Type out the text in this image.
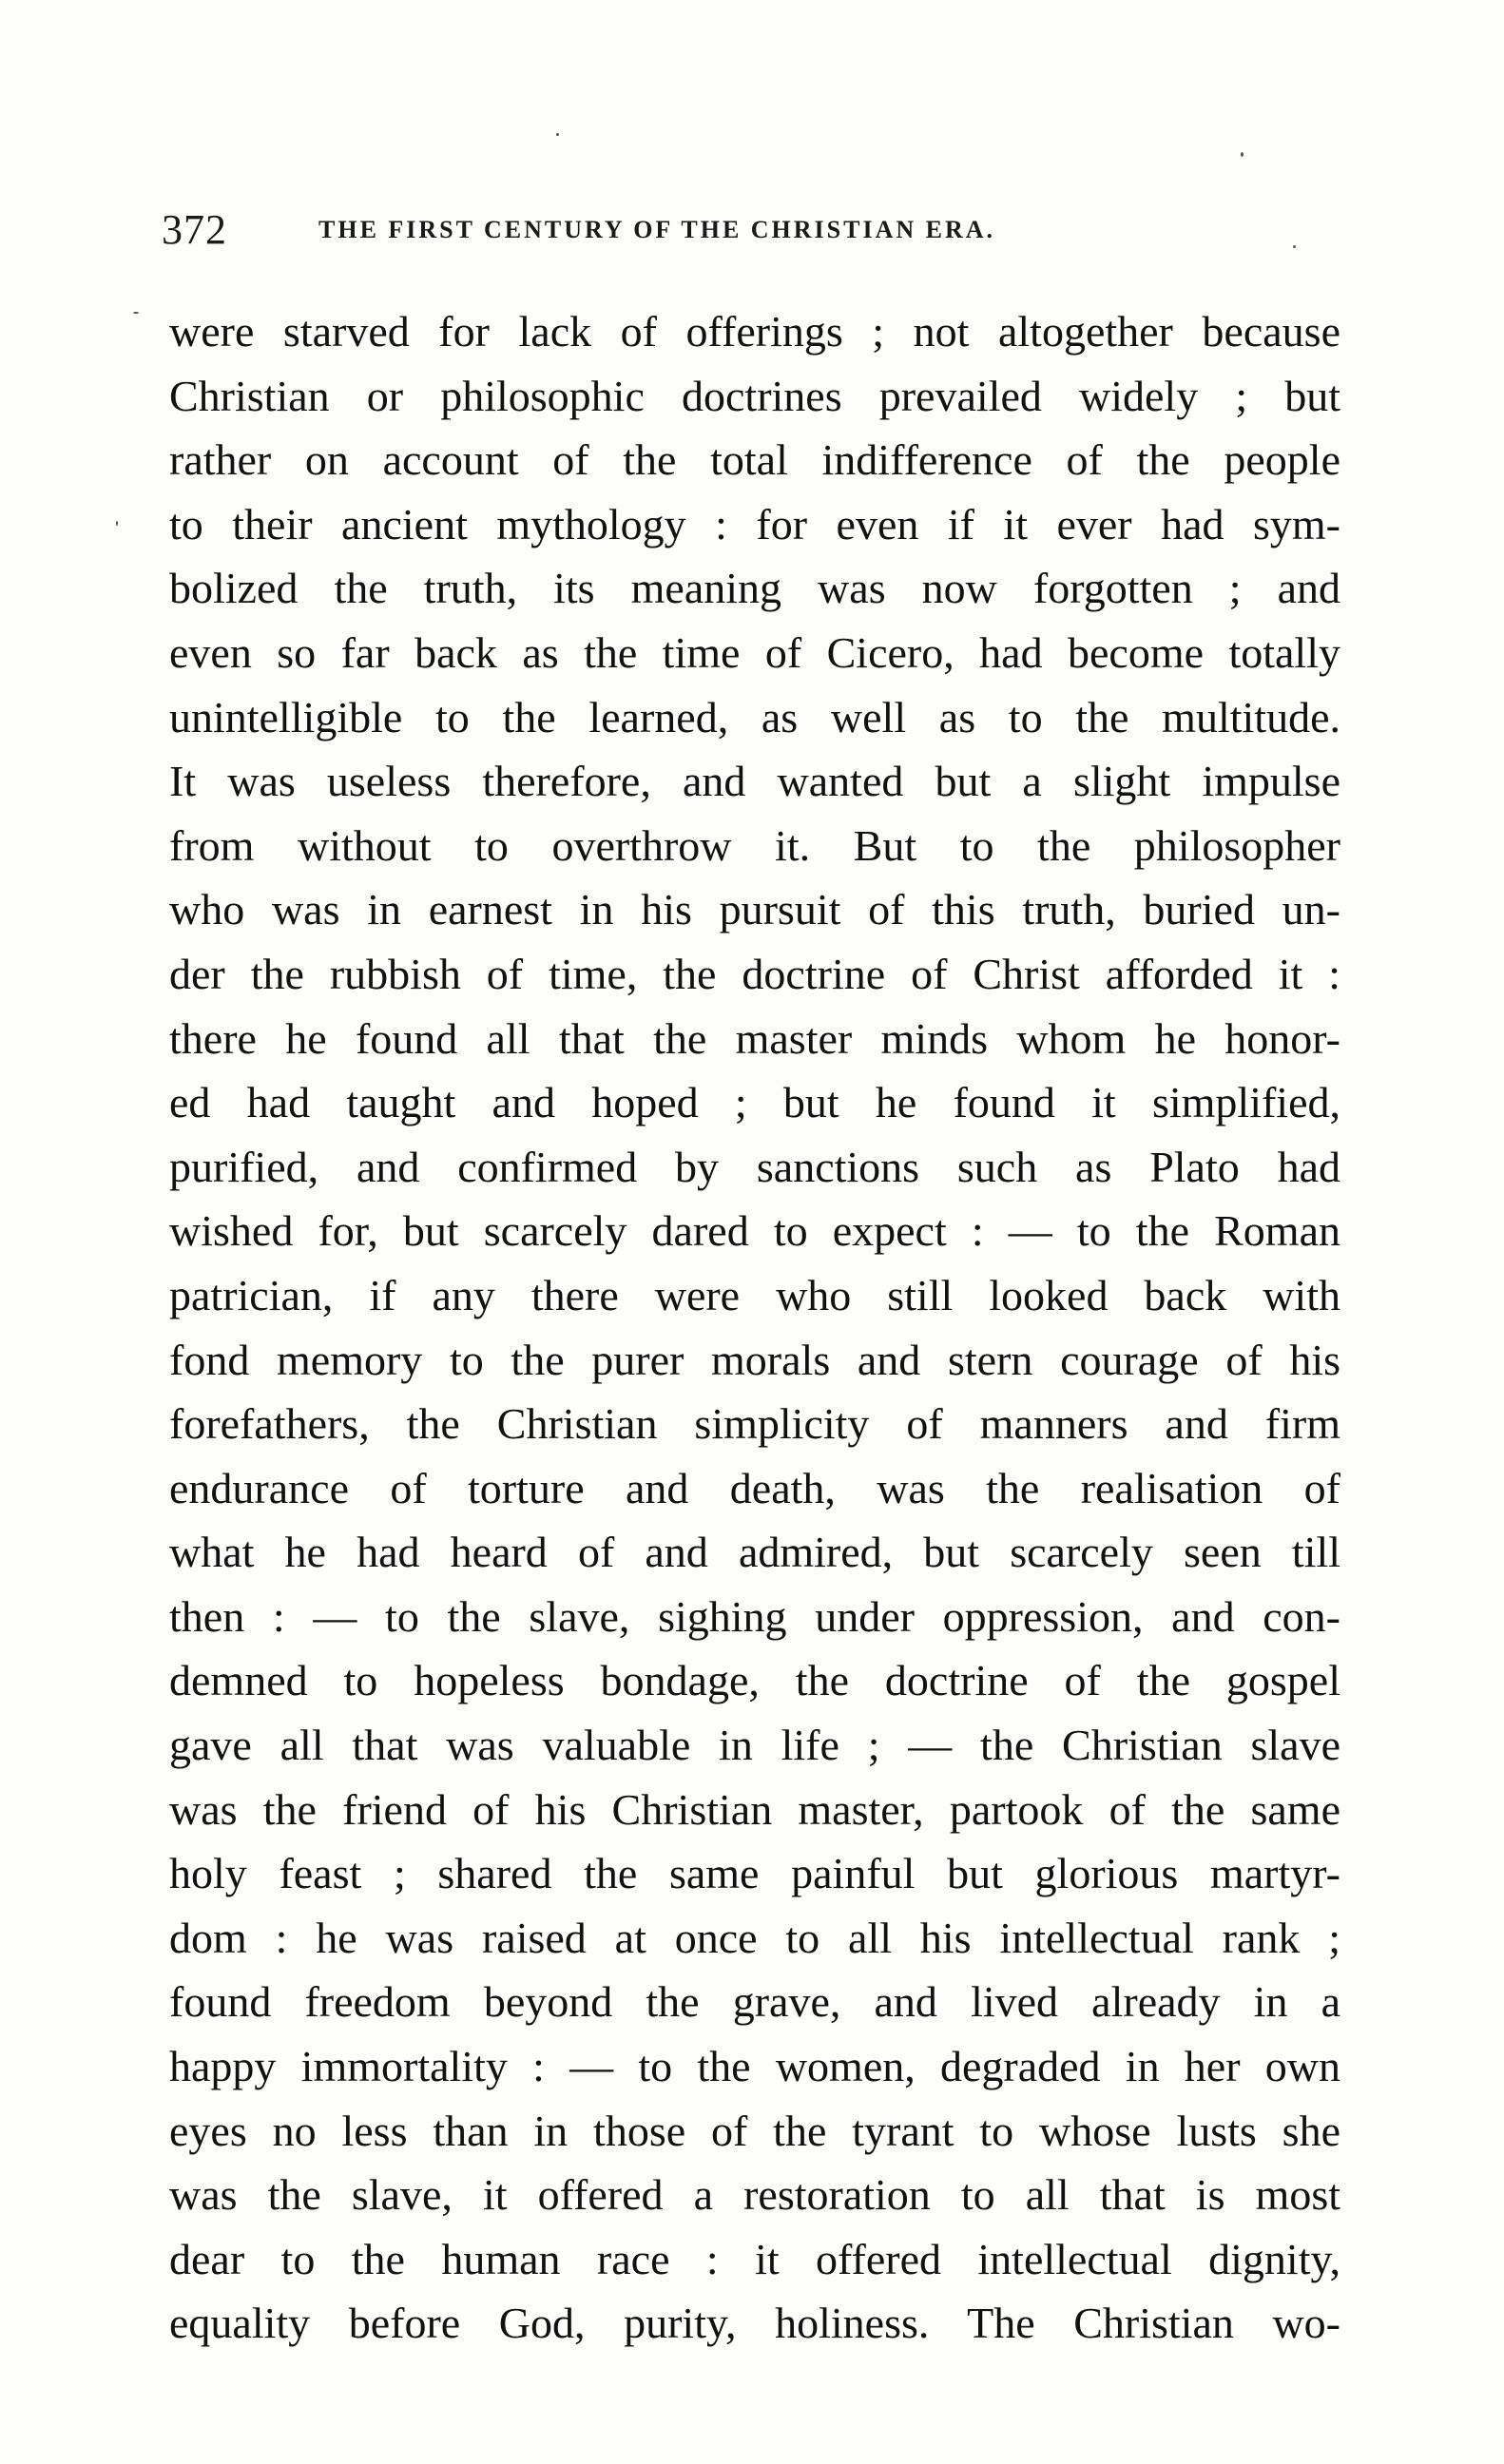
372	THE FIRST CENTURY OF THE CHRISTIAN ERA.
were starved for lack of offerings ; not altogether because
Christian or philosophic doctrines prevailed widely ; but
rather on account of the total indifference of the people
to their ancient mythology : for even if it ever had sym-
bolized the truth, its meaning was now forgotten ; and
even so far back as the time of Cicero, had become totally
unintelligible to the learned, as well as to the multitude.
It was useless therefore, and wanted but a slight impulse
from without to overthrow it. But to the philosopher
who was in earnest in his pursuit of this truth, buried un-
der the rubbish of time, the doctrine of Christ afforded it :
there he found all that the master minds whom he honor-
ed had taught and hoped ; but he found it simplified,
purified, and confirmed by sanctions such as Plato had
wished for, but scarcely dared to expect : — to the Roman
patrician, if any there were who still looked back with
fond memory to the purer morals and stern courage of his
forefathers, the Christian simplicity of manners and firm
endurance of torture and death, was the realisation of
what he had heard of and admired, but scarcely seen till
then : — to the slave, sighing under oppression, and con-
demned to hopeless bondage, the doctrine of the gospel
gave all that was valuable in life ; — the Christian slave
was the friend of his Christian master, partook of the same
holy feast ; shared the same painful but glorious martyr-
dom : he was raised at once to all his intellectual rank ;
found freedom beyond the grave, and lived already in a
happy immortality : — to the women, degraded in her own
eyes no less than in those of the tyrant to whose lusts she
was the slave, it offered a restoration to all that is most
dear to the human race : it offered intellectual dignity,
equality before God, purity, holiness. The Christian wo-
